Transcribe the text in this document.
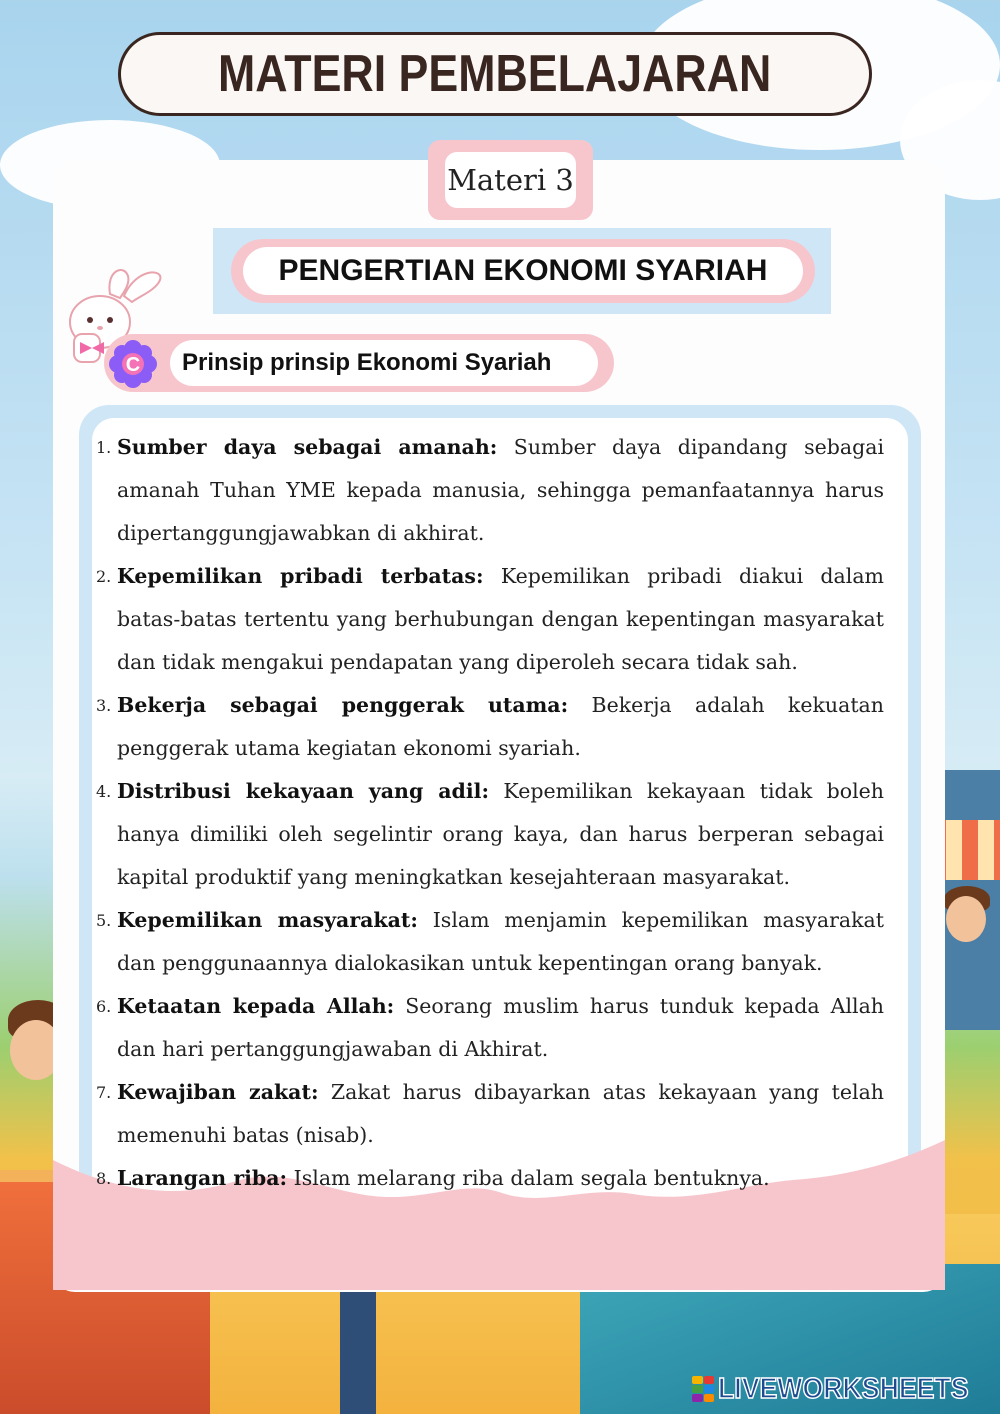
MATERI PEMBELAJARAN
Materi 3
PENGERTIAN EKONOMI SYARIAH
Prinsip prinsip Ekonomi Syariah
C
1. Sumber daya sebagai amanah: Sumber daya dipandang sebagai amanah Tuhan YME kepada manusia, sehingga pemanfaatannya harus dipertanggungjawabkan di akhirat.
2. Kepemilikan pribadi terbatas: Kepemilikan pribadi diakui dalam batas-batas tertentu yang berhubungan dengan kepentingan masyarakat dan tidak mengakui pendapatan yang diperoleh secara tidak sah.
3. Bekerja sebagai penggerak utama: Bekerja adalah kekuatan penggerak utama kegiatan ekonomi syariah.
4. Distribusi kekayaan yang adil: Kepemilikan kekayaan tidak boleh hanya dimiliki oleh segelintir orang kaya, dan harus berperan sebagai kapital produktif yang meningkatkan kesejahteraan masyarakat.
5. Kepemilikan masyarakat: Islam menjamin kepemilikan masyarakat dan penggunaannya dialokasikan untuk kepentingan orang banyak.
6. Ketaatan kepada Allah: Seorang muslim harus tunduk kepada Allah dan hari pertanggungjawaban di Akhirat.
7. Kewajiban zakat: Zakat harus dibayarkan atas kekayaan yang telah memenuhi batas (nisab).
8. Larangan riba: Islam melarang riba dalam segala bentuknya.
LIVEWORKSHEETS
